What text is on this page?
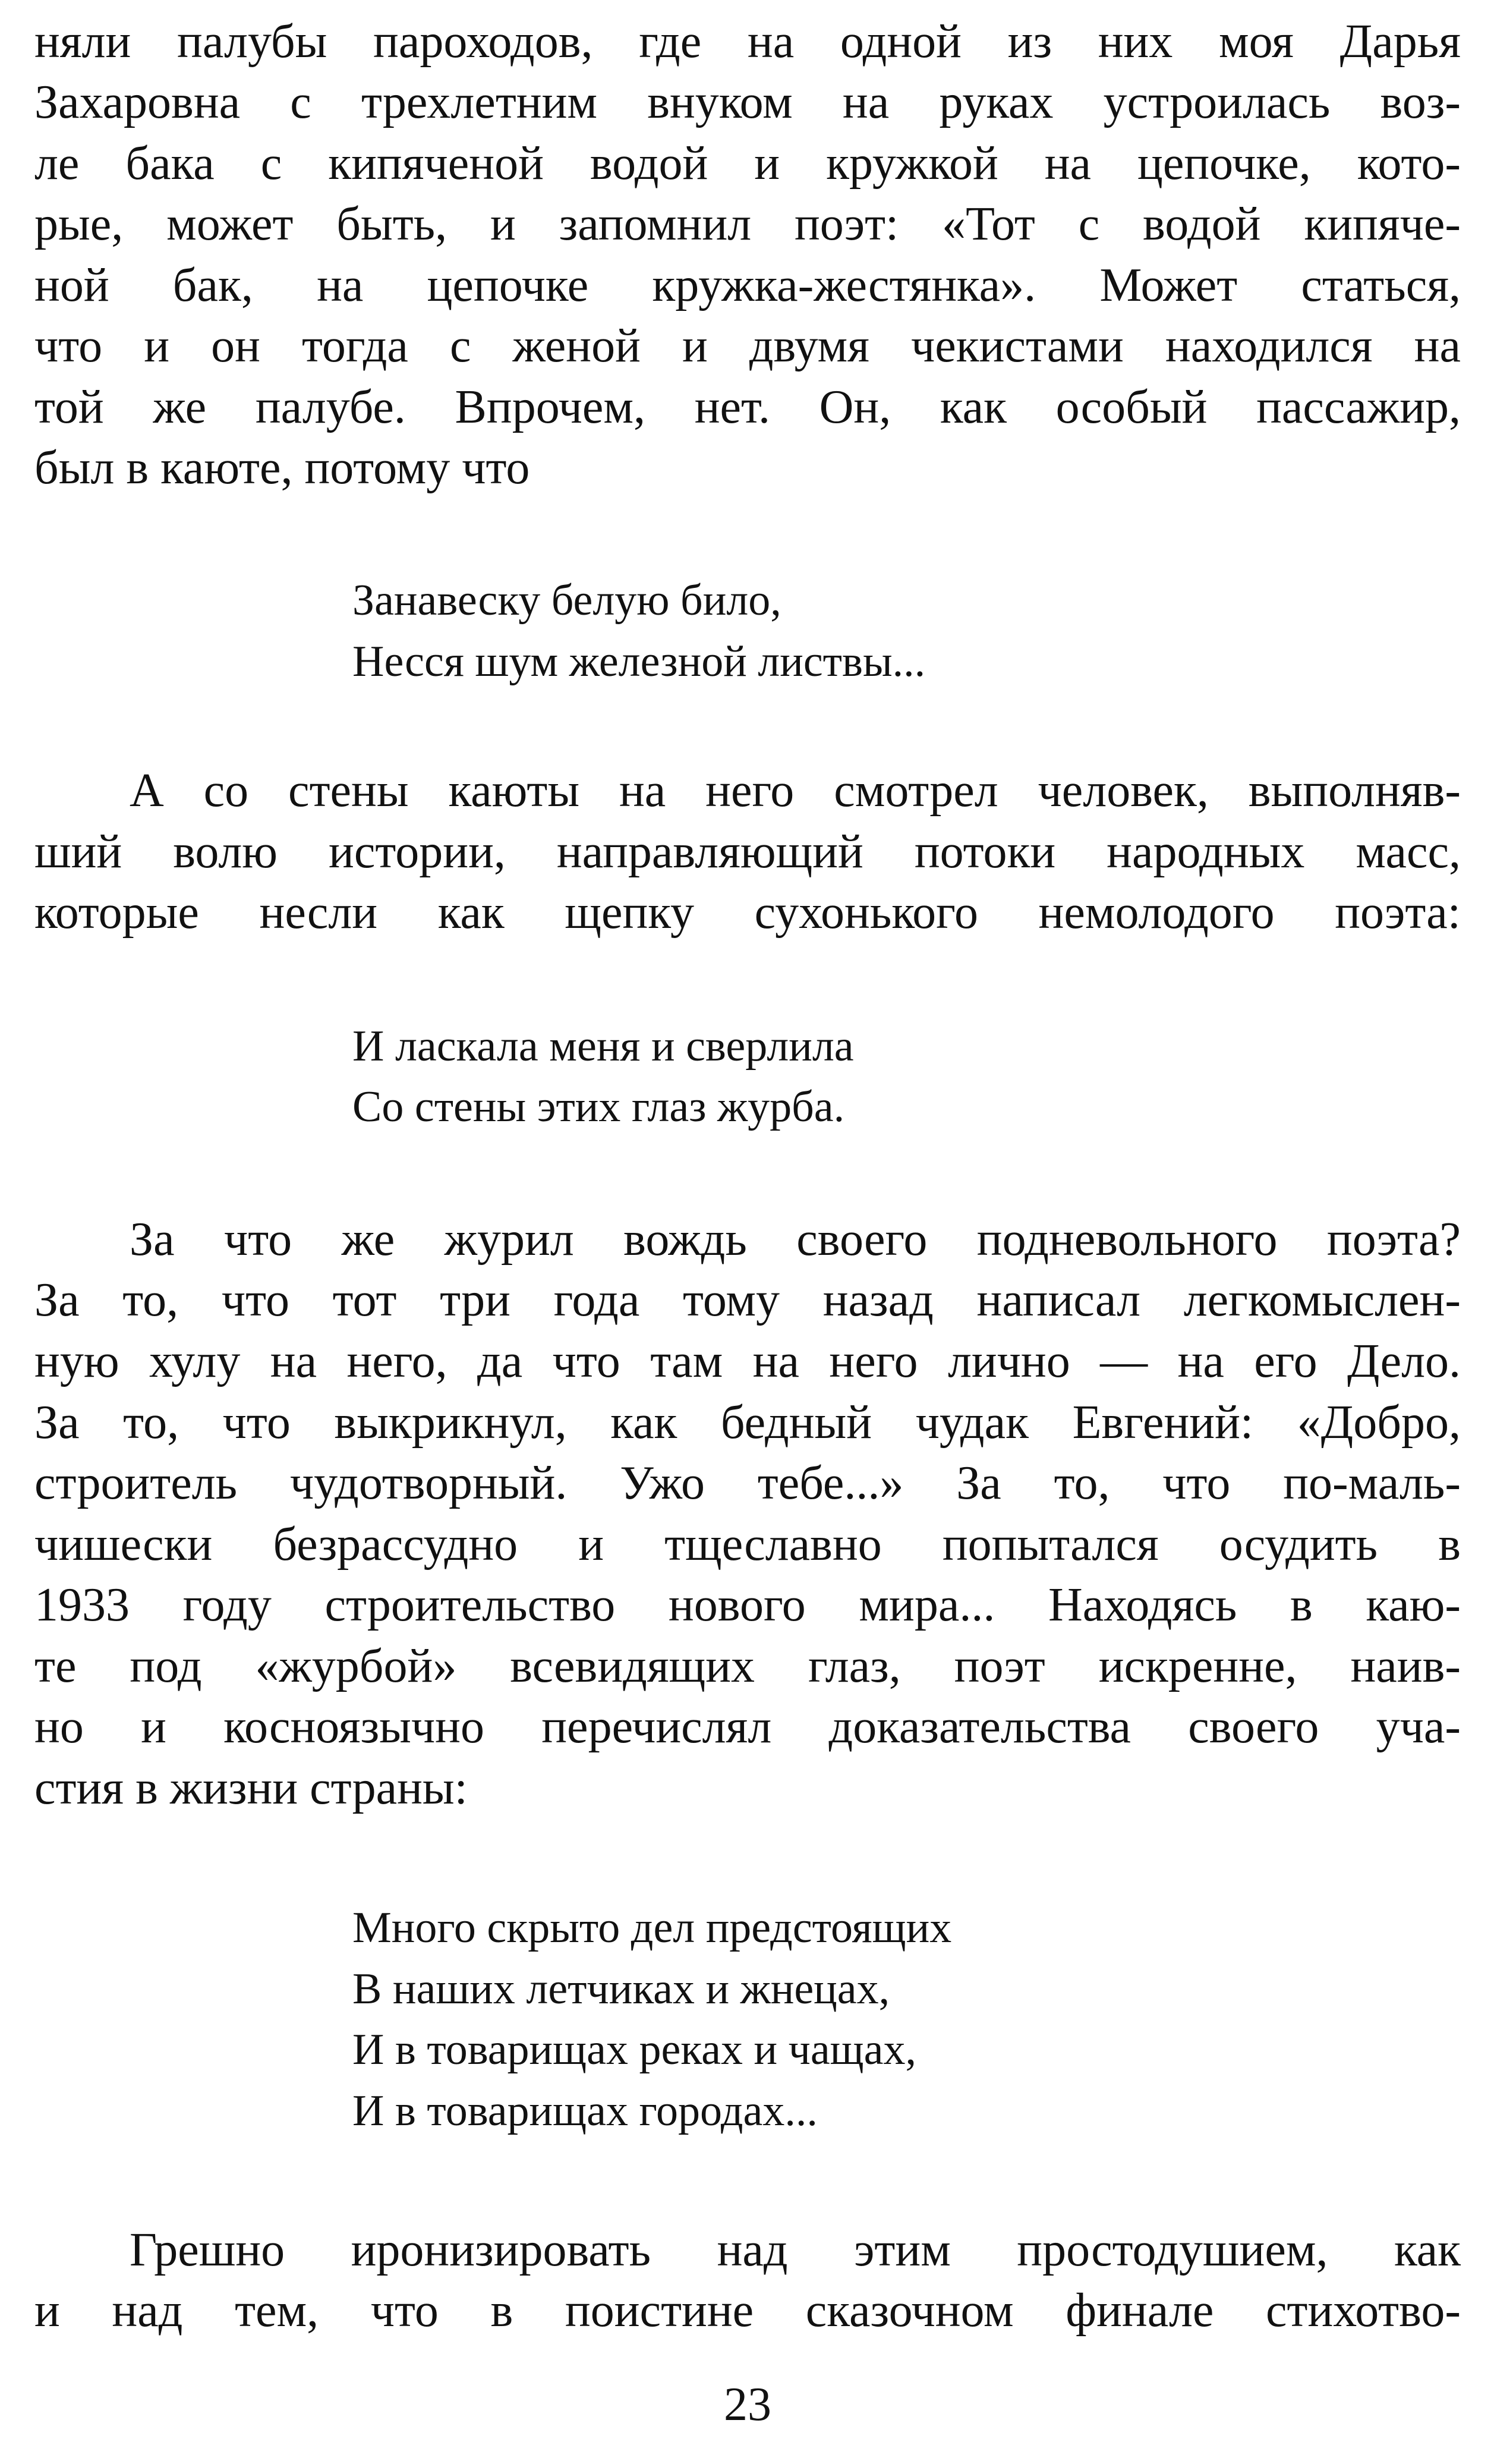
няли палубы пароходов, где на одной из них моя Дарья
Захаровна с трехлетним внуком на руках устроилась воз-
ле бака с кипяченой водой и кружкой на цепочке, кото-
рые, может быть, и запомнил поэт: «Тот с водой кипяче-
ной бак, на цепочке кружка-жестянка». Может статься,
что и он тогда с женой и двумя чекистами находился на
той же палубе. Впрочем, нет. Он, как особый пассажир,
был в каюте, потому что
Занавеску белую било,
Несся шум железной листвы...
А со стены каюты на него смотрел человек, выполняв-
ший волю истории, направляющий потоки народных масс,
которые несли как щепку сухонького немолодого поэта:
И ласкала меня и сверлила
Со стены этих глаз журба.
За что же журил вождь своего подневольного поэта?
За то, что тот три года тому назад написал легкомыслен-
ную хулу на него, да что там на него лично — на его Дело.
За то, что выкрикнул, как бедный чудак Евгений: «Добро,
строитель чудотворный. Ужо тебе...» За то, что по-маль-
чишески безрассудно и тщеславно попытался осудить в
1933 году строительство нового мира... Находясь в каю-
те под «журбой» всевидящих глаз, поэт искренне, наив-
но и косноязычно перечислял доказательства своего уча-
стия в жизни страны:
Много скрыто дел предстоящих
В наших летчиках и жнецах,
И в товарищах реках и чащах,
И в товарищах городах...
Грешно иронизировать над этим простодушием, как
и над тем, что в поистине сказочном финале стихотво-
23
